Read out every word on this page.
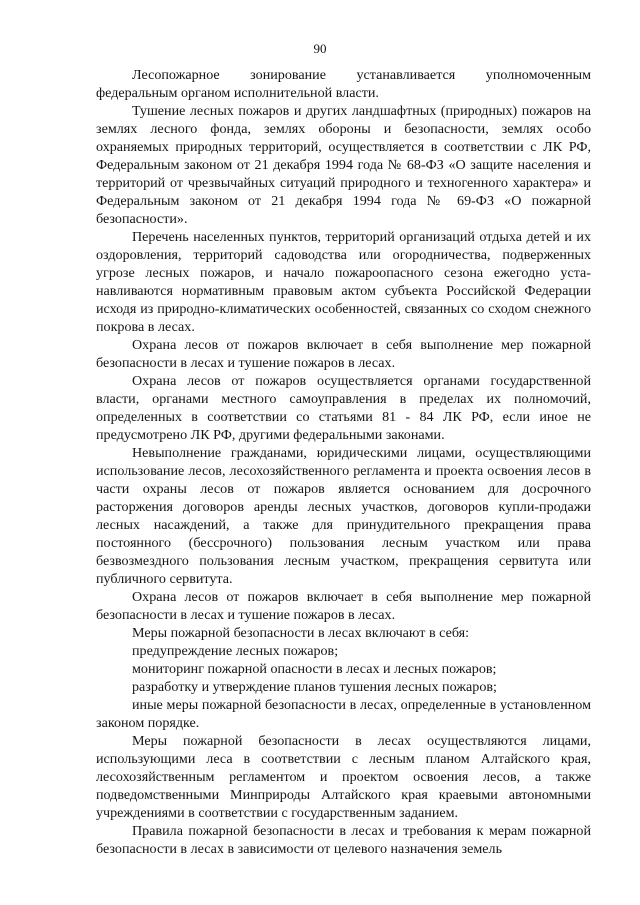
90

Лесопожарное зонирование устанавливается уполномоченным федеральным органом исполнительной власти.

Тушение лесных пожаров и других ландшафтных (природных) пожаров на землях лесного фонда, землях обороны и безопасности, землях особо охраняемых природных территорий, осуществляется в соответствии с ЛК РФ, Федеральным законом от 21 декабря 1994 года № 68-ФЗ «О защите населения и территорий от чрезвычайных ситуаций природного и техногенного характера» и Федеральным законом от 21 декабря 1994 года № 69-ФЗ «О пожарной безопасности».

Перечень населенных пунктов, территорий организаций отдыха детей и их оздоровления, территорий садоводства или огородничества, подверженных угрозе лесных пожаров, и начало пожароопасного сезона ежегодно устанавливаются нормативным правовым актом субъекта Российской Федерации исходя из природно-климатических особенностей, связанных со сходом снежного покрова в лесах.

Охрана лесов от пожаров включает в себя выполнение мер пожарной безопасности в лесах и тушение пожаров в лесах.

Охрана лесов от пожаров осуществляется органами государственной власти, органами местного самоуправления в пределах их полномочий, определенных в соответствии со статьями 81 - 84 ЛК РФ, если иное не предусмотрено ЛК РФ, другими федеральными законами.

Невыполнение гражданами, юридическими лицами, осуществляющими использование лесов, лесохозяйственного регламента и проекта освоения лесов в части охраны лесов от пожаров является основанием для досрочного расторжения договоров аренды лесных участков, договоров купли-продажи лесных насаждений, а также для принудительного прекращения права постоянного (бессрочного) пользования лесным участком или права безвозмездного пользования лесным участком, прекращения сервитута или публичного сервитута.

Охрана лесов от пожаров включает в себя выполнение мер пожарной безопасности в лесах и тушение пожаров в лесах.

Меры пожарной безопасности в лесах включают в себя:

предупреждение лесных пожаров;

мониторинг пожарной опасности в лесах и лесных пожаров;

разработку и утверждение планов тушения лесных пожаров;

иные меры пожарной безопасности в лесах, определенные в установленном законом порядке.

Меры пожарной безопасности в лесах осуществляются лицами, использующими леса в соответствии с лесным планом Алтайского края, лесохозяйственным регламентом и проектом освоения лесов, а также подведомственными Минприроды Алтайского края краевыми автономными учреждениями в соответствии с государственным заданием.

Правила пожарной безопасности в лесах и требования к мерам пожарной безопасности в лесах в зависимости от целевого назначения земель
